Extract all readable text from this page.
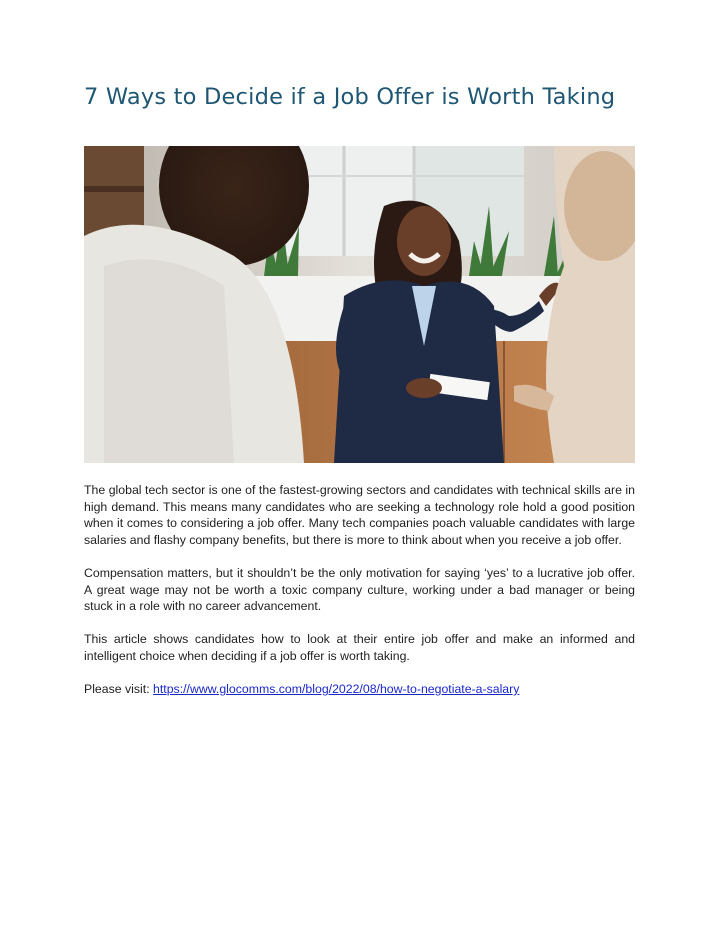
7 Ways to Decide if a Job Offer is Worth Taking

The global tech sector is one of the fastest-growing sectors and candidates with technical skills are in high demand. This means many candidates who are seeking a technology role hold a good position when it comes to considering a job offer. Many tech companies poach valuable candidates with large salaries and flashy company benefits, but there is more to think about when you receive a job offer.

Compensation matters, but it shouldn’t be the only motivation for saying ‘yes’ to a lucrative job offer. A great wage may not be worth a toxic company culture, working under a bad manager or being stuck in a role with no career advancement.

This article shows candidates how to look at their entire job offer and make an informed and intelligent choice when deciding if a job offer is worth taking.

Please visit: https://www.glocomms.com/blog/2022/08/how-to-negotiate-a-salary
